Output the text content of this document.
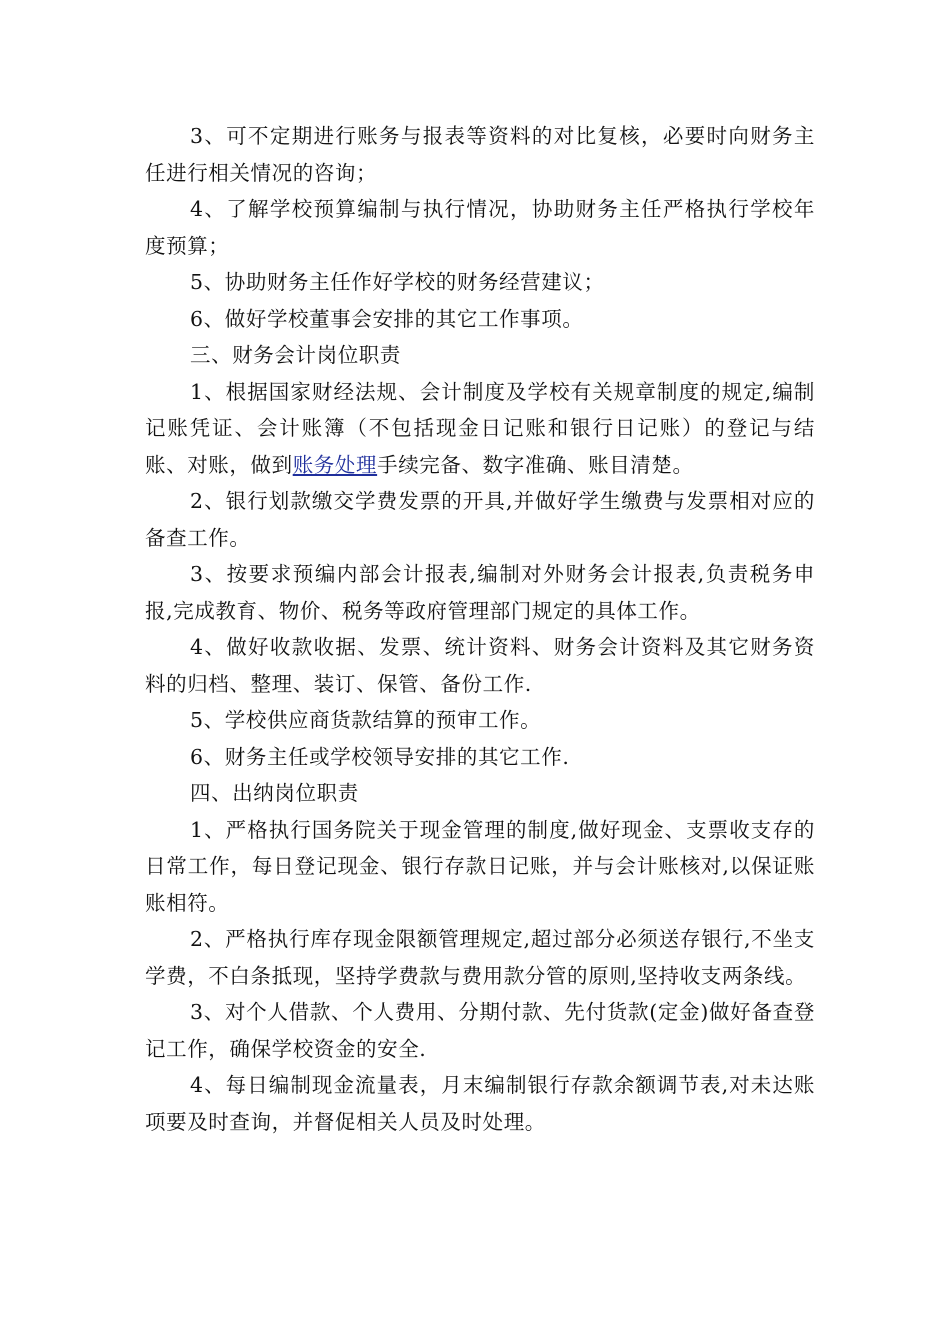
3、可不定期进行账务与报表等资料的对比复核，必要时向财务主任进行相关情况的咨询；

4、了解学校预算编制与执行情况，协助财务主任严格执行学校年度预算；

5、协助财务主任作好学校的财务经营建议；

6、做好学校董事会安排的其它工作事项。

三、财务会计岗位职责

1、根据国家财经法规、会计制度及学校有关规章制度的规定,编制记账凭证、会计账簿（不包括现金日记账和银行日记账）的登记与结账、对账，做到账务处理手续完备、数字准确、账目清楚。

2、银行划款缴交学费发票的开具,并做好学生缴费与发票相对应的备查工作。

3、按要求预编内部会计报表,编制对外财务会计报表,负责税务申报,完成教育、物价、税务等政府管理部门规定的具体工作。

4、做好收款收据、发票、统计资料、财务会计资料及其它财务资料的归档、整理、装订、保管、备份工作.

5、学校供应商货款结算的预审工作。

6、财务主任或学校领导安排的其它工作.

四、出纳岗位职责

1、严格执行国务院关于现金管理的制度,做好现金、支票收支存的日常工作，每日登记现金、银行存款日记账，并与会计账核对,以保证账账相符。

2、严格执行库存现金限额管理规定,超过部分必须送存银行,不坐支学费，不白条抵现，坚持学费款与费用款分管的原则,坚持收支两条线。

3、对个人借款、个人费用、分期付款、先付货款(定金)做好备查登记工作，确保学校资金的安全.

4、每日编制现金流量表，月末编制银行存款余额调节表,对未达账项要及时查询，并督促相关人员及时处理。
